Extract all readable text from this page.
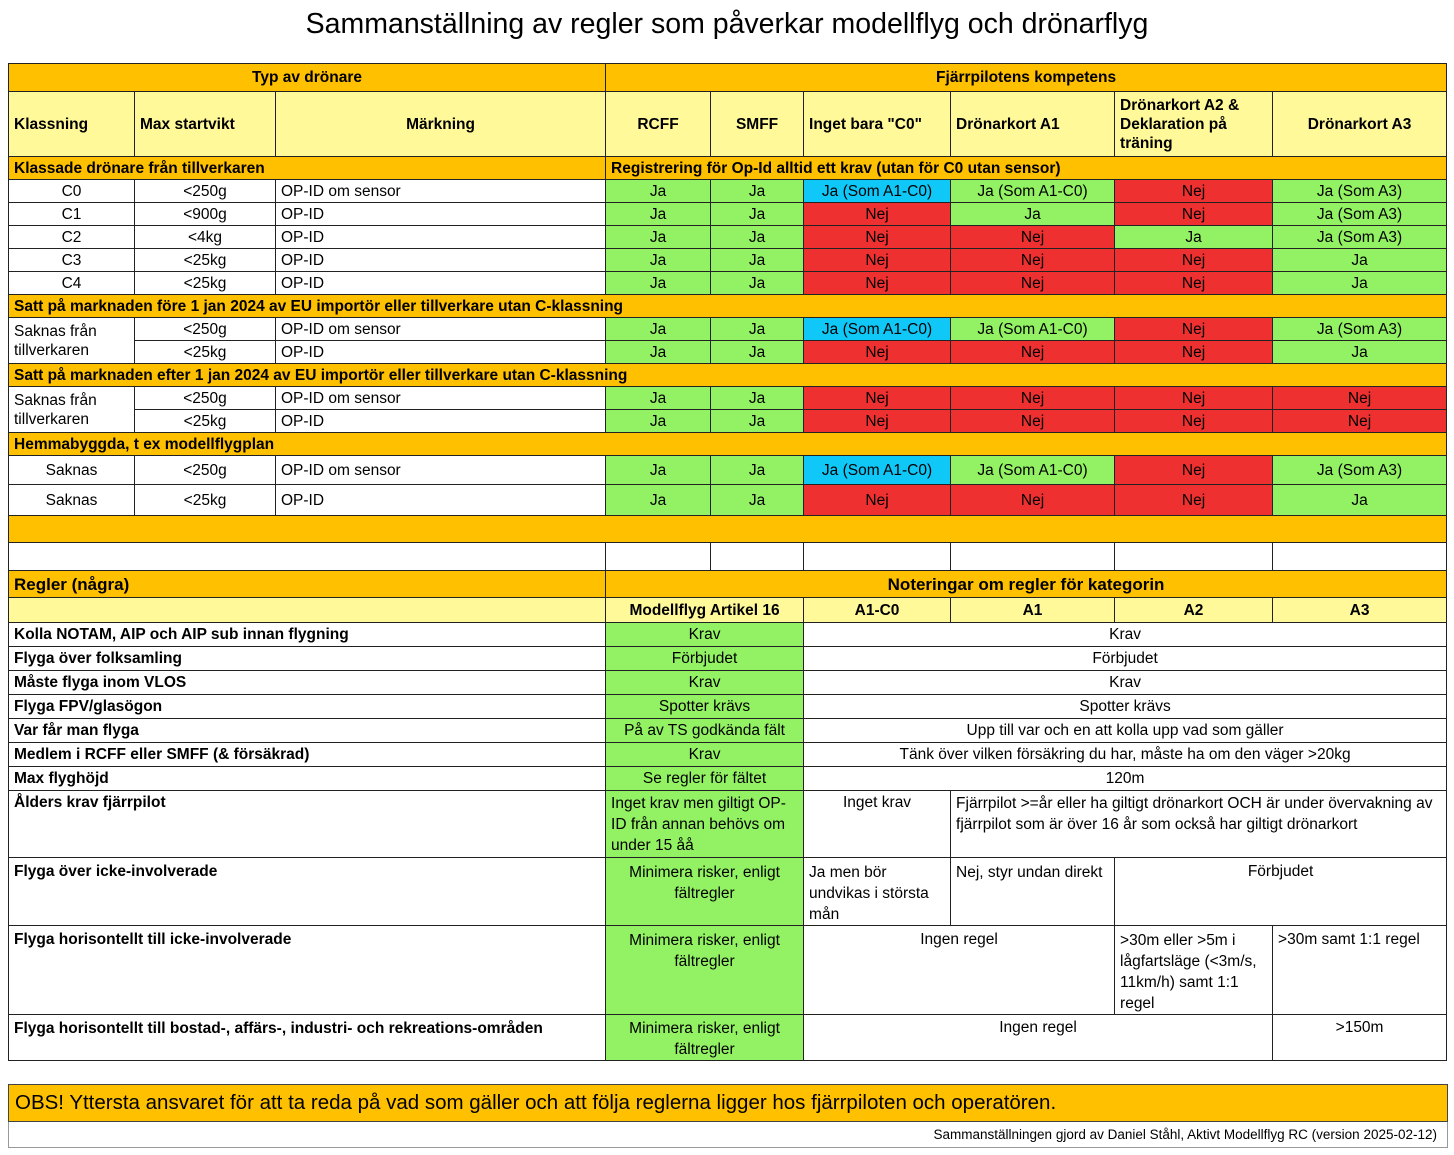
Sammanställning av regler som påverkar modellflyg och drönarflyg
Typ av drönare			Fjärrpilotens kompetens					
Klassning	Max startvikt	Märkning	RCFF	SMFF	Inget bara "C0"	Drönarkort A1	Drönarkort A2 & Deklaration på träning	Drönarkort A3
Klassade drönare från tillverkaren			Registrering för Op-Id alltid ett krav (utan för C0 utan sensor)					
C0	<250g	OP-ID om sensor	Ja	Ja	Ja (Som A1-C0)	Ja (Som A1-C0)	Nej	Ja (Som A3)
C1	<900g	OP-ID	Ja	Ja	Nej	Ja	Nej	Ja (Som A3)
C2	<4kg	OP-ID	Ja	Ja	Nej	Nej	Ja	Ja (Som A3)
C3	<25kg	OP-ID	Ja	Ja	Nej	Nej	Nej	Ja
C4	<25kg	OP-ID	Ja	Ja	Nej	Nej	Nej	Ja
Satt på marknaden före 1 jan 2024 av EU importör eller tillverkare utan C-klassning								
Saknas från tillverkaren	<250g	OP-ID om sensor	Ja	Ja	Ja (Som A1-C0)	Ja (Som A1-C0)	Nej	Ja (Som A3)
	<25kg	OP-ID	Ja	Ja	Nej	Nej	Nej	Ja
Satt på marknaden efter 1 jan 2024 av EU importör eller tillverkare utan C-klassning								
Saknas från tillverkaren	<250g	OP-ID om sensor	Ja	Ja	Nej	Nej	Nej	Nej
	<25kg	OP-ID	Ja	Ja	Nej	Nej	Nej	Nej
Hemmabyggda, t ex modellflygplan								
Saknas	<250g	OP-ID om sensor	Ja	Ja	Ja (Som A1-C0)	Ja (Som A1-C0)	Nej	Ja (Som A3)
Saknas	<25kg	OP-ID	Ja	Ja	Nej	Nej	Nej	Ja

Regler (några)			Noteringar om regler för kategorin					
			Modellflyg Artikel 16		A1-C0	A1	A2	A3
Kolla NOTAM, AIP och AIP sub innan flygning			Krav		Krav			
Flyga över folksamling			Förbjudet		Förbjudet			
Måste flyga inom VLOS			Krav		Krav			
Flyga FPV/glasögon			Spotter krävs		Spotter krävs			
Var får man flyga			På av TS godkända fält		Upp till var och en att kolla upp vad som gäller			
Medlem i RCFF eller SMFF (& försäkrad)			Krav		Tänk över vilken försäkring du har, måste ha om den väger >20kg			
Max flyghöjd			Se regler för fältet		120m			
Ålders krav fjärrpilot			Inget krav men giltigt OP-ID från annan behövs om under 15 åå		Inget krav	Fjärrpilot >=år eller ha giltigt drönarkort OCH är under övervakning av fjärrpilot som är över 16 år som också har giltigt drönarkort		
Flyga över icke-involverade			Minimera risker, enligt fältregler		Ja men bör undvikas i största mån	Nej, styr undan direkt	Förbjudet	
Flyga horisontellt till icke-involverade			Minimera risker, enligt fältregler		Ingen regel		>30m eller >5m i lågfartsläge (<3m/s, 11km/h) samt 1:1 regel	>30m samt 1:1 regel
Flyga horisontellt till bostad-, affärs-, industri- och rekreations-områden			Minimera risker, enligt fältregler		Ingen regel			>150m
OBS! Yttersta ansvaret för att ta reda på vad som gäller och att följa reglerna ligger hos fjärrpiloten och operatören.
Sammanställningen gjord av Daniel Ståhl, Aktivt Modellflyg RC (version 2025-02-12)
